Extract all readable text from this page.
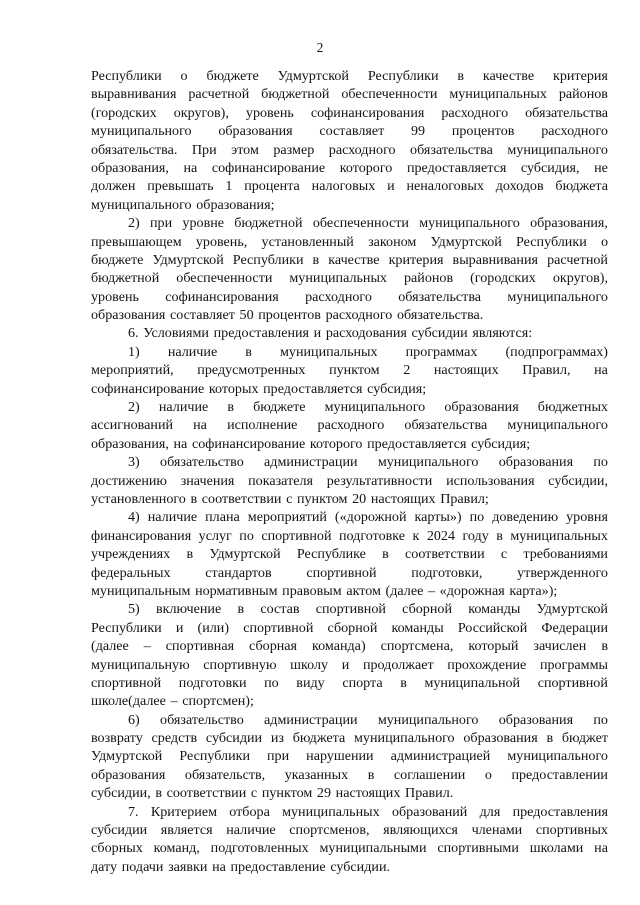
2
Республики о бюджете Удмуртской Республики в качестве критерия
выравнивания расчетной бюджетной обеспеченности муниципальных районов
(городских округов), уровень софинансирования расходного обязательства
муниципального образования составляет 99 процентов расходного
обязательства. При этом размер расходного обязательства муниципального
образования, на софинансирование которого предоставляется субсидия, не
должен превышать 1 процента налоговых и неналоговых доходов бюджета
муниципального образования;
2) при уровне бюджетной обеспеченности муниципального образования,
превышающем уровень, установленный законом Удмуртской Республики о
бюджете Удмуртской Республики в качестве критерия выравнивания расчетной
бюджетной обеспеченности муниципальных районов (городских округов),
уровень софинансирования расходного обязательства муниципального
образования составляет 50 процентов расходного обязательства.
6. Условиями предоставления и расходования субсидии являются:
1) наличие в муниципальных программах (подпрограммах)
мероприятий, предусмотренных пунктом 2 настоящих Правил, на
софинансирование которых предоставляется субсидия;
2) наличие в бюджете муниципального образования бюджетных
ассигнований на исполнение расходного обязательства муниципального
образования, на софинансирование которого предоставляется субсидия;
3) обязательство администрации муниципального образования по
достижению значения показателя результативности использования субсидии,
установленного в соответствии с пунктом 20 настоящих Правил;
4) наличие плана мероприятий («дорожной карты») по доведению уровня
финансирования услуг по спортивной подготовке к 2024 году в муниципальных
учреждениях в Удмуртской Республике в соответствии с требованиями
федеральных стандартов спортивной подготовки, утвержденного
муниципальным нормативным правовым актом (далее – «дорожная карта»);
5) включение в состав спортивной сборной команды Удмуртской
Республики и (или) спортивной сборной команды Российской Федерации
(далее – спортивная сборная команда) спортсмена, который зачислен в
муниципальную спортивную школу и продолжает прохождение программы
спортивной подготовки по виду спорта в муниципальной спортивной
школе(далее – спортсмен);
6) обязательство администрации муниципального образования по
возврату средств субсидии из бюджета муниципального образования в бюджет
Удмуртской Республики при нарушении администрацией муниципального
образования обязательств, указанных в соглашении о предоставлении
субсидии, в соответствии с пунктом 29 настоящих Правил.
7. Критерием отбора муниципальных образований для предоставления
субсидии является наличие спортсменов, являющихся членами спортивных
сборных команд, подготовленных муниципальными спортивными школами на
дату подачи заявки на предоставление субсидии.
